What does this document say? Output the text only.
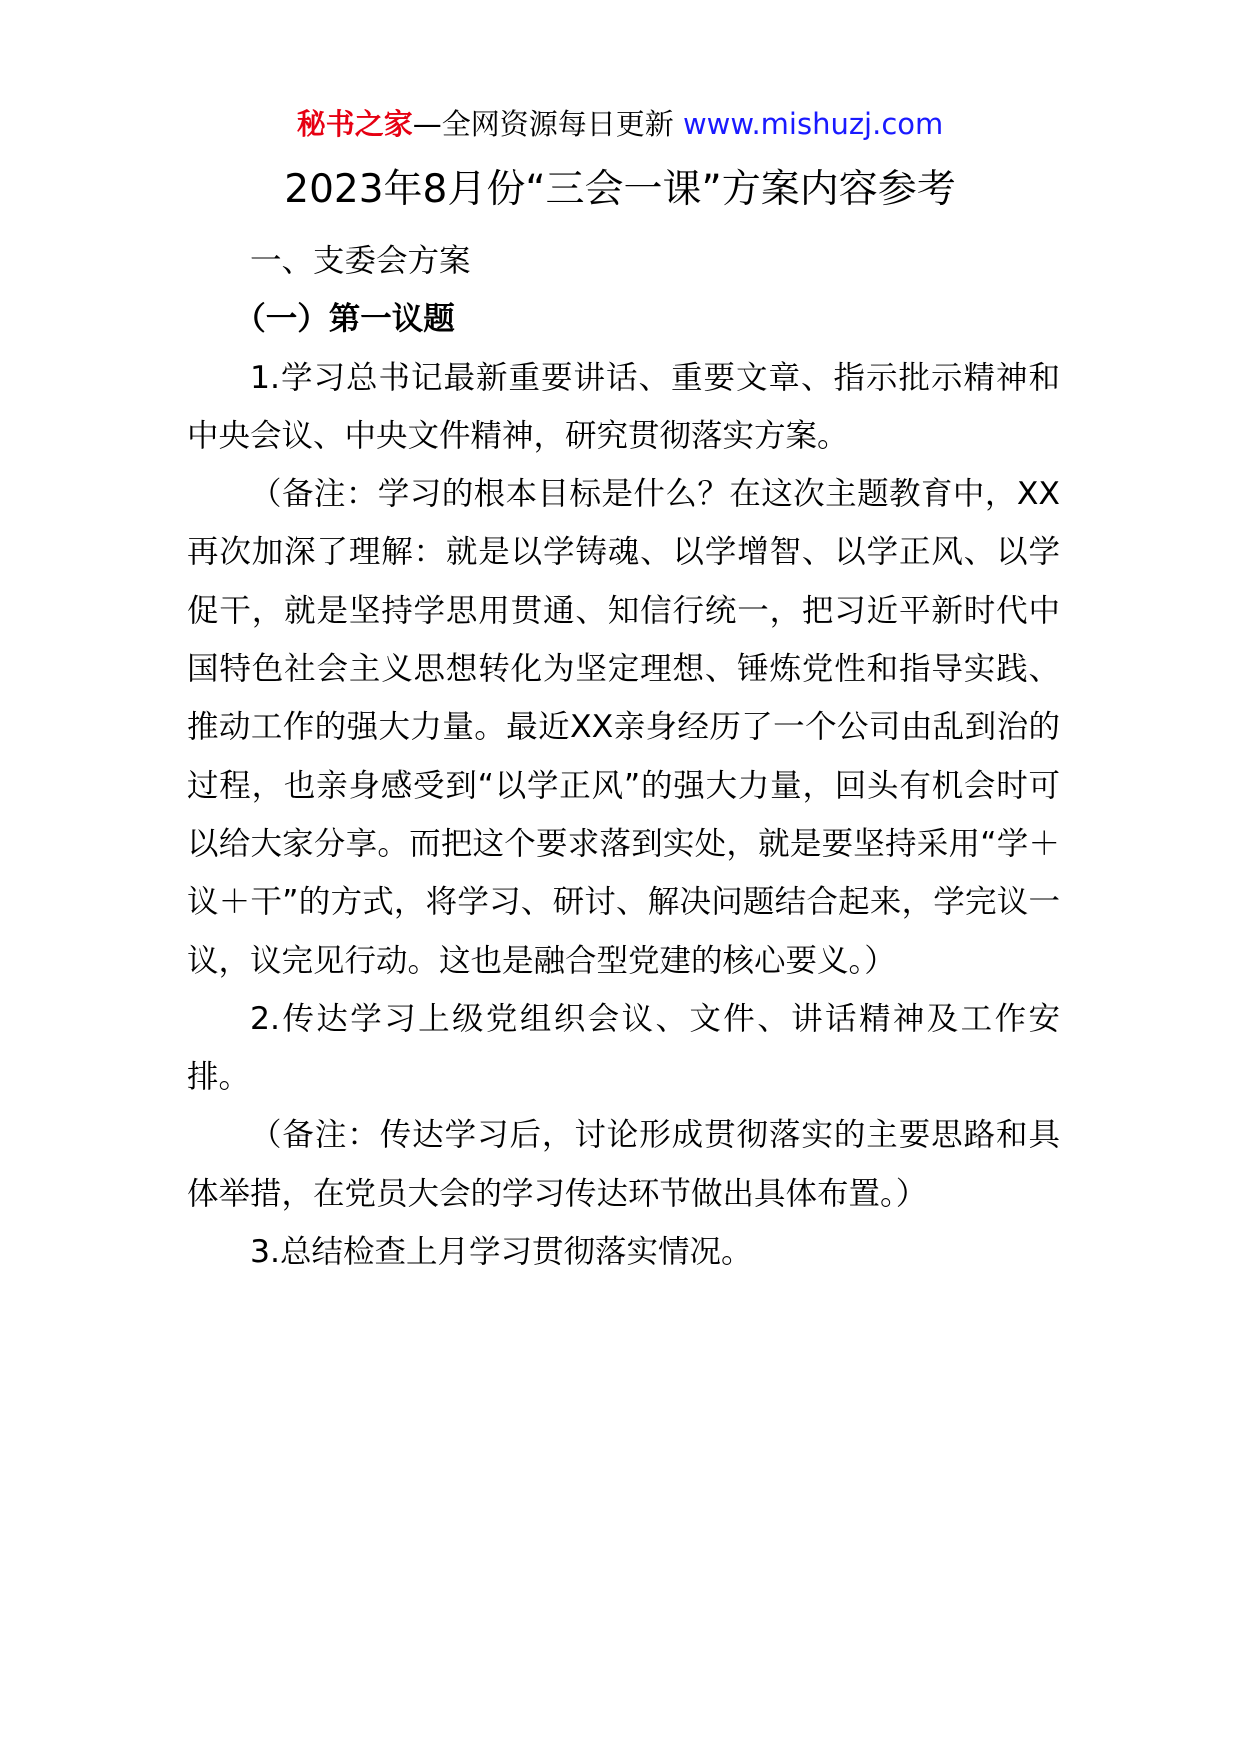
秘书之家—全网资源每日更新 www.mishuzj.com
2023年8月份“三会一课”方案内容参考

一、支委会方案

（一）第一议题

1.学习总书记最新重要讲话、重要文章、指示批示精神和中央会议、中央文件精神，研究贯彻落实方案。

（备注：学习的根本目标是什么？在这次主题教育中，XX再次加深了理解：就是以学铸魂、以学增智、以学正风、以学促干，就是坚持学思用贯通、知信行统一，把习近平新时代中国特色社会主义思想转化为坚定理想、锤炼党性和指导实践、推动工作的强大力量。最近XX亲身经历了一个公司由乱到治的过程，也亲身感受到“以学正风”的强大力量，回头有机会时可以给大家分享。而把这个要求落到实处，就是要坚持采用“学＋议＋干”的方式，将学习、研讨、解决问题结合起来，学完议一议，议完见行动。这也是融合型党建的核心要义。）

2.传达学习上级党组织会议、文件、讲话精神及工作安排。

（备注：传达学习后，讨论形成贯彻落实的主要思路和具体举措，在党员大会的学习传达环节做出具体布置。）

3.总结检查上月学习贯彻落实情况。
